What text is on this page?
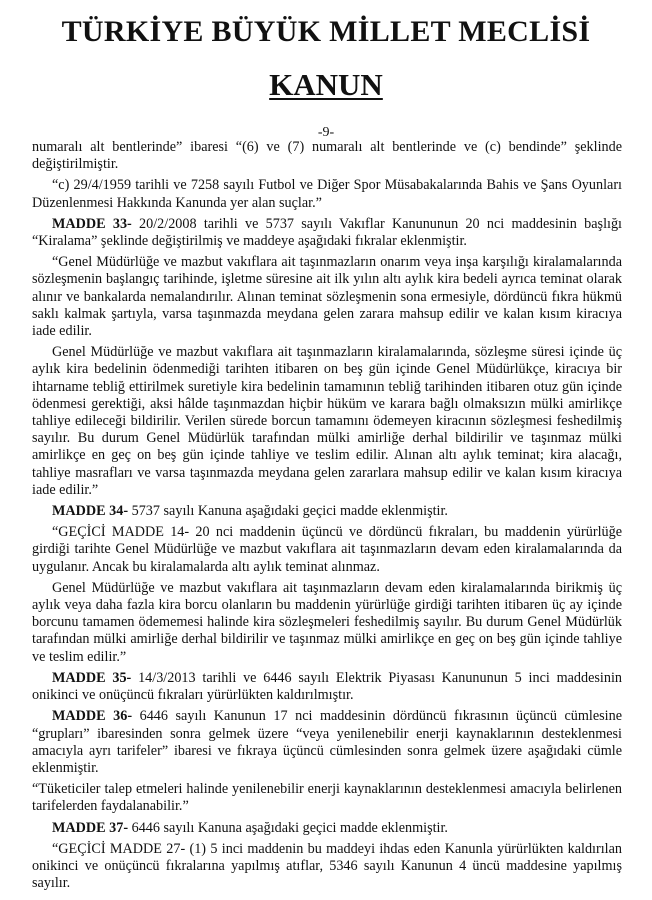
TÜRKİYE BÜYÜK MİLLET MECLİSİ
KANUN
-9-

numaralı alt bentlerinde” ibaresi “(6) ve (7) numaralı alt bentlerinde ve (c) bendinde” şeklinde değiştirilmiştir.

“c) 29/4/1959 tarihli ve 7258 sayılı Futbol ve Diğer Spor Müsabakalarında Bahis ve Şans Oyunları Düzenlenmesi Hakkında Kanunda yer alan suçlar.”

MADDE 33- 20/2/2008 tarihli ve 5737 sayılı Vakıflar Kanununun 20 nci maddesinin başlığı “Kiralama” şeklinde değiştirilmiş ve maddeye aşağıdaki fıkralar eklenmiştir.

“Genel Müdürlüğe ve mazbut vakıflara ait taşınmazların onarım veya inşa karşılığı kiralamalarında sözleşmenin başlangıç tarihinde, işletme süresine ait ilk yılın altı aylık kira bedeli ayrıca teminat olarak alınır ve bankalarda nemalandırılır. Alınan teminat sözleşmenin sona ermesiyle, dördüncü fıkra hükmü saklı kalmak şartıyla, varsa taşınmazda meydana gelen zarara mahsup edilir ve kalan kısım kiracıya iade edilir.

Genel Müdürlüğe ve mazbut vakıflara ait taşınmazların kiralamalarında, sözleşme süresi içinde üç aylık kira bedelinin ödenmediği tarihten itibaren on beş gün içinde Genel Müdürlükçe, kiracıya bir ihtarname tebliğ ettirilmek suretiyle kira bedelinin tamamının tebliğ tarihinden itibaren otuz gün içinde ödenmesi gerektiği, aksi hâlde taşınmazdan hiçbir hüküm ve karara bağlı olmaksızın mülki amirlikçe tahliye edileceği bildirilir. Verilen sürede borcun tamamını ödemeyen kiracının sözleşmesi feshedilmiş sayılır. Bu durum Genel Müdürlük tarafından mülki amirliğe derhal bildirilir ve taşınmaz mülki amirlikçe en geç on beş gün içinde tahliye ve teslim edilir. Alınan altı aylık teminat; kira alacağı, tahliye masrafları ve varsa taşınmazda meydana gelen zararlara mahsup edilir ve kalan kısım kiracıya iade edilir.”

MADDE 34- 5737 sayılı Kanuna aşağıdaki geçici madde eklenmiştir.

“GEÇİCİ MADDE 14- 20 nci maddenin üçüncü ve dördüncü fıkraları, bu maddenin yürürlüğe girdiği tarihte Genel Müdürlüğe ve mazbut vakıflara ait taşınmazların devam eden kiralamalarında da uygulanır. Ancak bu kiralamalarda altı aylık teminat alınmaz.

Genel Müdürlüğe ve mazbut vakıflara ait taşınmazların devam eden kiralamalarında birikmiş üç aylık veya daha fazla kira borcu olanların bu maddenin yürürlüğe girdiği tarihten itibaren üç ay içinde borcunu tamamen ödememesi halinde kira sözleşmeleri feshedilmiş sayılır. Bu durum Genel Müdürlük tarafından mülki amirliğe derhal bildirilir ve taşınmaz mülki amirlikçe en geç on beş gün içinde tahliye ve teslim edilir.”

MADDE 35- 14/3/2013 tarihli ve 6446 sayılı Elektrik Piyasası Kanununun 5 inci maddesinin onikinci ve onüçüncü fıkraları yürürlükten kaldırılmıştır.

MADDE 36- 6446 sayılı Kanunun 17 nci maddesinin dördüncü fıkrasının üçüncü cümlesine “grupları” ibaresinden sonra gelmek üzere “veya yenilenebilir enerji kaynaklarının desteklenmesi amacıyla ayrı tarifeler” ibaresi ve fıkraya üçüncü cümlesinden sonra gelmek üzere aşağıdaki cümle eklenmiştir.

“Tüketiciler talep etmeleri halinde yenilenebilir enerji kaynaklarının desteklenmesi amacıyla belirlenen tarifelerden faydalanabilir.”

MADDE 37- 6446 sayılı Kanuna aşağıdaki geçici madde eklenmiştir.

“GEÇİCİ MADDE 27- (1) 5 inci maddenin bu maddeyi ihdas eden Kanunla yürürlükten kaldırılan onikinci ve onüçüncü fıkralarına yapılmış atıflar, 5346 sayılı Kanunun 4 üncü maddesine yapılmış sayılır.
